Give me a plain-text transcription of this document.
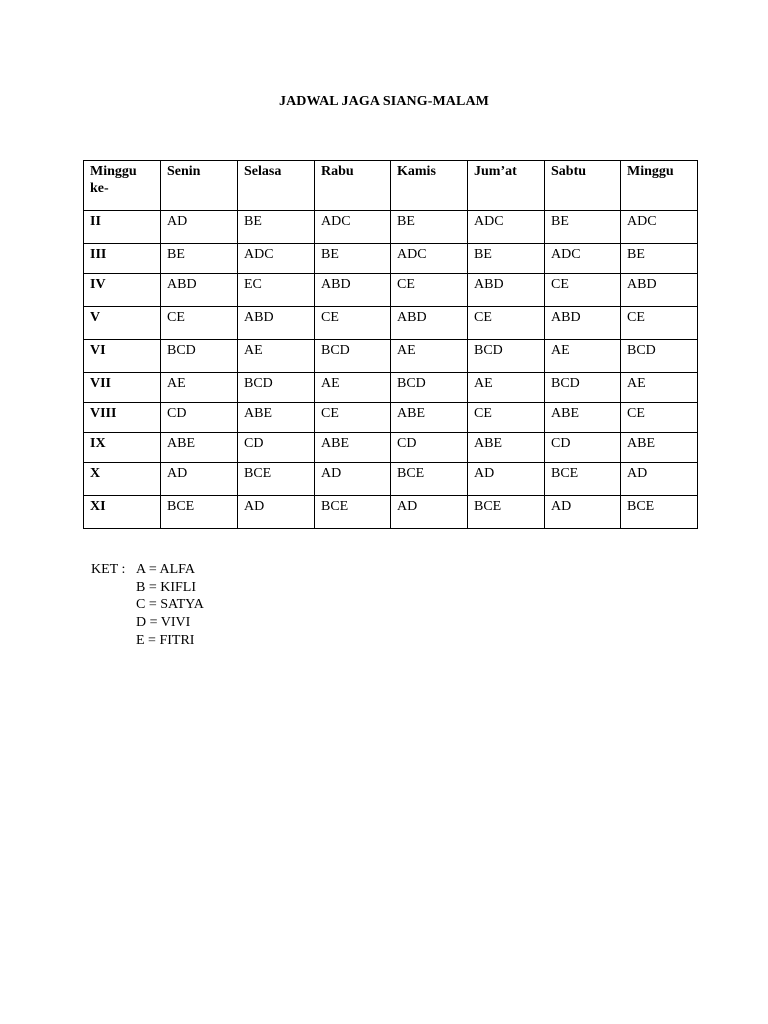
JADWAL JAGA SIANG-MALAM
Minggu ke-	Senin	Selasa	Rabu	Kamis	Jum’at	Sabtu	Minggu
II	AD	BE	ADC	BE	ADC	BE	ADC
III	BE	ADC	BE	ADC	BE	ADC	BE
IV	ABD	EC	ABD	CE	ABD	CE	ABD
V	CE	ABD	CE	ABD	CE	ABD	CE
VI	BCD	AE	BCD	AE	BCD	AE	BCD
VII	AE	BCD	AE	BCD	AE	BCD	AE
VIII	CD	ABE	CE	ABE	CE	ABE	CE
IX	ABE	CD	ABE	CD	ABE	CD	ABE
X	AD	BCE	AD	BCE	AD	BCE	AD
XI	BCE	AD	BCE	AD	BCE	AD	BCE
KET : A = ALFA
B = KIFLI
C = SATYA
D = VIVI
E = FITRI
